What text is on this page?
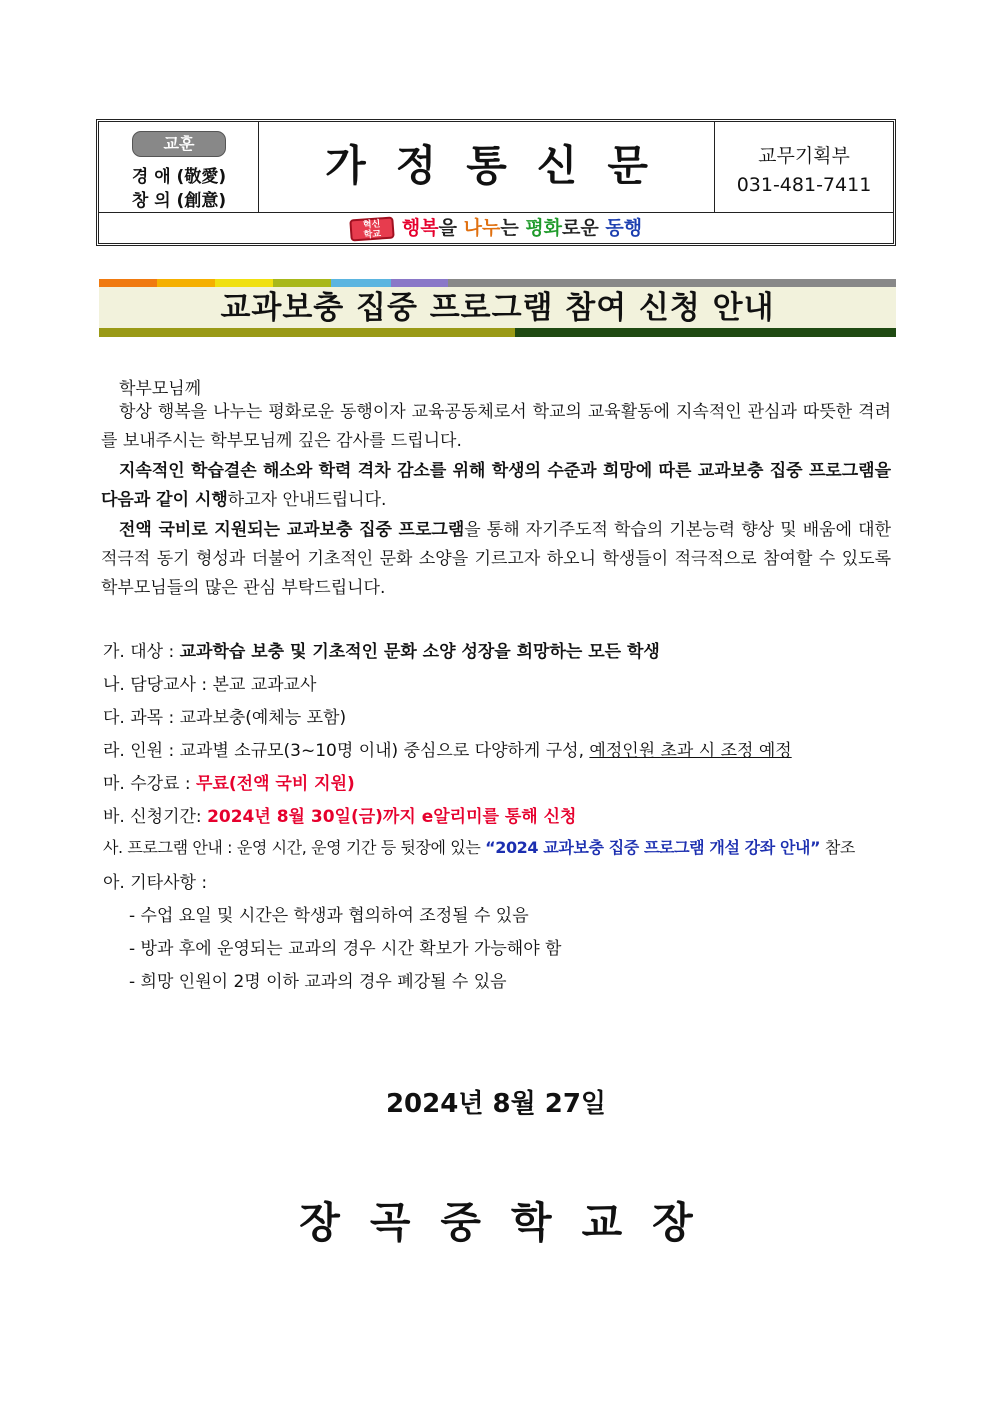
교훈
경 애 (敬愛)
창 의 (創意)
가정통신문	교무기획부
031-481-7411
혁신
학교 행복을 나누는 평화로운 동행
교과보충 집중 프로그램 참여 신청 안내
학부모님께
항상 행복을 나누는 평화로운 동행이자 교육공동체로서 학교의 교육활동에 지속적인 관심과 따뜻한 격려를 보내주시는 학부모님께 깊은 감사를 드립니다.
지속적인 학습결손 해소와 학력 격차 감소를 위해 학생의 수준과 희망에 따른 교과보충 집중 프로그램을 다음과 같이 시행하고자 안내드립니다.
전액 국비로 지원되는 교과보충 집중 프로그램을 통해 자기주도적 학습의 기본능력 향상 및 배움에 대한 적극적 동기 형성과 더불어 기초적인 문화 소양을 기르고자 하오니 학생들이 적극적으로 참여할 수 있도록 학부모님들의 많은 관심 부탁드립니다.
가. 대상 : 교과학습 보충 및 기초적인 문화 소양 성장을 희망하는 모든 학생
나. 담당교사 : 본교 교과교사
다. 과목 : 교과보충(예체능 포함)
라. 인원 : 교과별 소규모(3~10명 이내) 중심으로 다양하게 구성, 예정인원 초과 시 조정 예정
마. 수강료 : 무료(전액 국비 지원)
바. 신청기간: 2024년 8월 30일(금)까지 e알리미를 통해 신청
사. 프로그램 안내 : 운영 시간, 운영 기간 등 뒷장에 있는 “2024 교과보충 집중 프로그램 개설 강좌 안내” 참조
아. 기타사항 :
- 수업 요일 및 시간은 학생과 협의하여 조정될 수 있음
- 방과 후에 운영되는 교과의 경우 시간 확보가 가능해야 함
- 희망 인원이 2명 이하 교과의 경우 폐강될 수 있음
2024년 8월 27일
장곡중학교장
